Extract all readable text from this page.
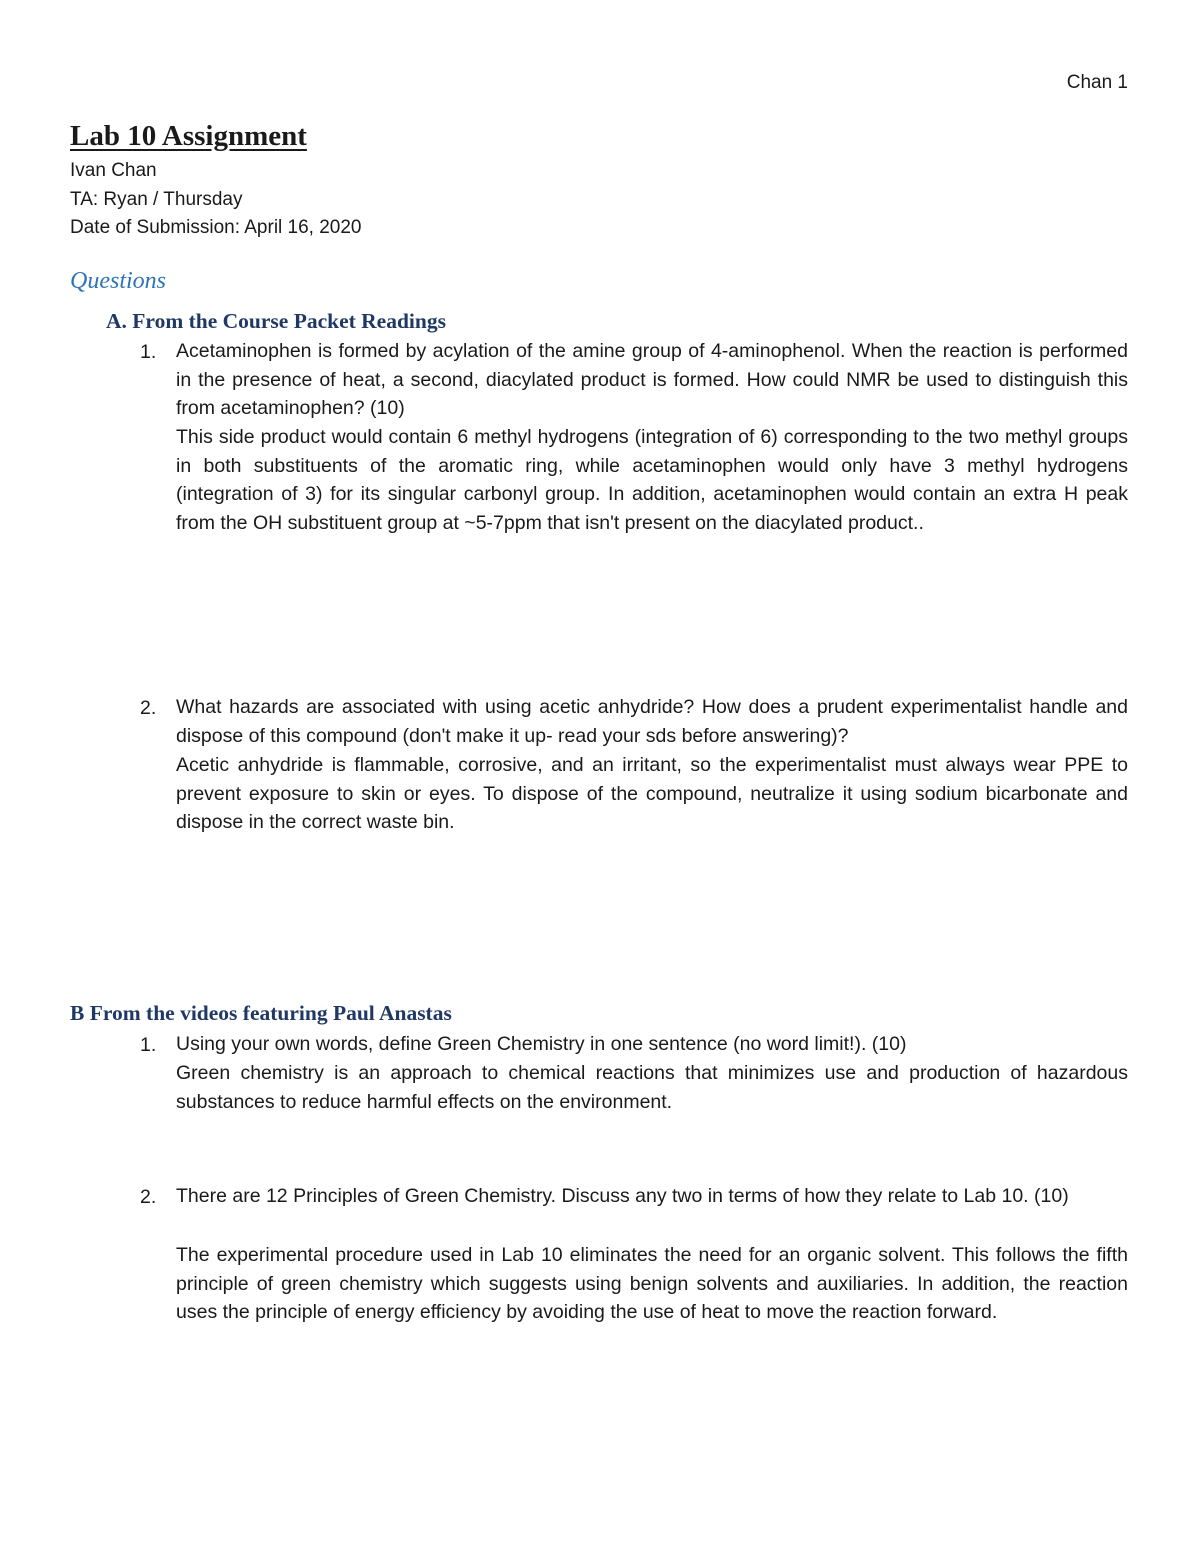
Chan 1
Lab 10 Assignment
Ivan Chan
TA: Ryan / Thursday
Date of Submission: April 16, 2020
Questions
A. From the Course Packet Readings
1. Acetaminophen is formed by acylation of the amine group of 4-aminophenol. When the reaction is performed in the presence of heat, a second, diacylated product is formed. How could NMR be used to distinguish this from acetaminophen? (10)

This side product would contain 6 methyl hydrogens (integration of 6) corresponding to the two methyl groups in both substituents of the aromatic ring, while acetaminophen would only have 3 methyl hydrogens (integration of 3) for its singular carbonyl group. In addition, acetaminophen would contain an extra H peak from the OH substituent group at ~5-7ppm that isn't present on the diacylated product..

2. What hazards are associated with using acetic anhydride? How does a prudent experimentalist handle and dispose of this compound (don't make it up- read your sds before answering)?

Acetic anhydride is flammable, corrosive, and an irritant, so the experimentalist must always wear PPE to prevent exposure to skin or eyes. To dispose of the compound, neutralize it using sodium bicarbonate and dispose in the correct waste bin.

B From the videos featuring Paul Anastas
1. Using your own words, define Green Chemistry in one sentence (no word limit!). (10)

Green chemistry is an approach to chemical reactions that minimizes use and production of hazardous substances to reduce harmful effects on the environment.

2. There are 12 Principles of Green Chemistry. Discuss any two in terms of how they relate to Lab 10. (10)

The experimental procedure used in Lab 10 eliminates the need for an organic solvent. This follows the fifth principle of green chemistry which suggests using benign solvents and auxiliaries. In addition, the reaction uses the principle of energy efficiency by avoiding the use of heat to move the reaction forward.
